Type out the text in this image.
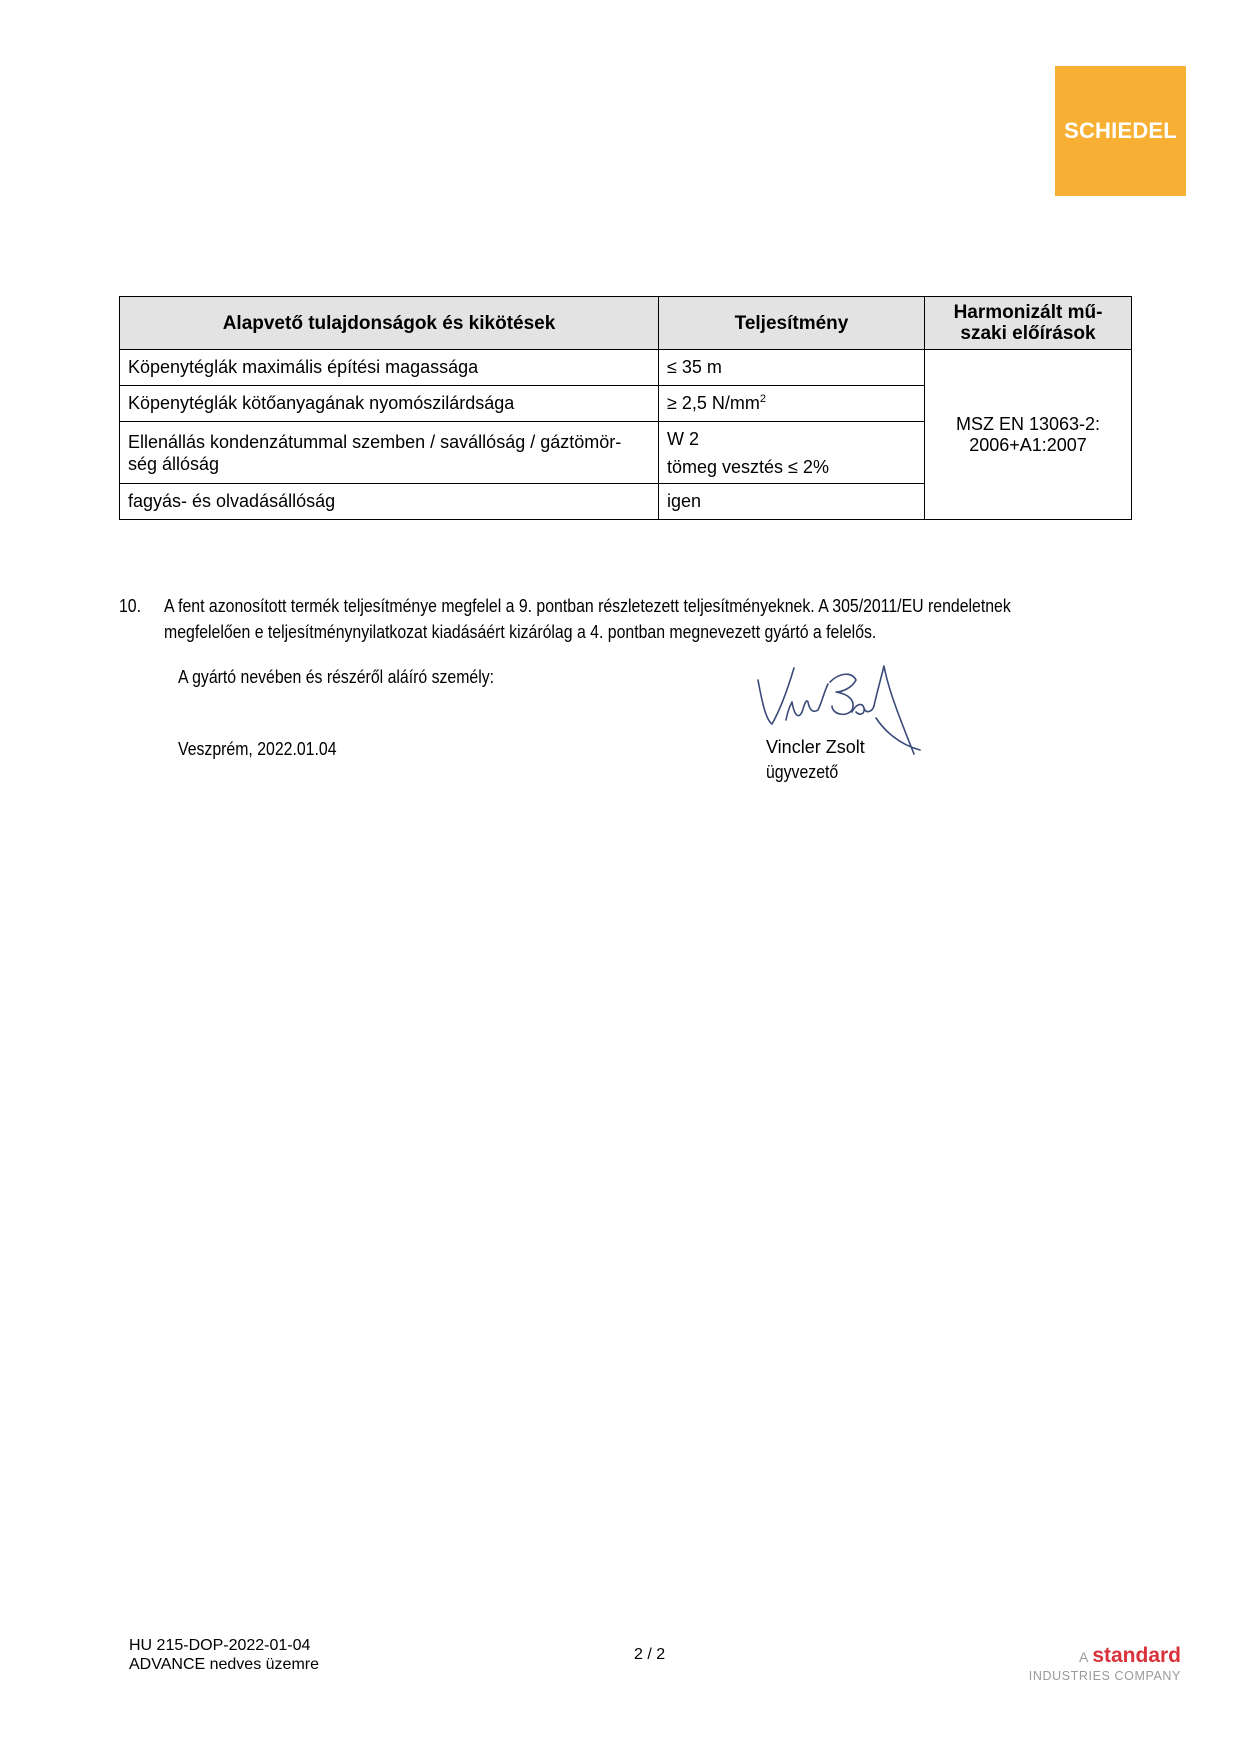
SCHIEDEL
Alapvető tulajdonságok és kikötések	Teljesítmény	Harmonizált mű-
szaki előírások
Köpenytéglák maximális építési magassága	≤ 35 m	MSZ EN 13063-2:
2006+A1:2007
Köpenytéglák kötőanyagának nyomószilárdsága	≥ 2,5 $N/mm^2$
Ellenállás kondenzátummal szemben / savállóság / gáztömör-
ség állóság	W 2
tömeg vesztés ≤ 2%	
fagyás- és olvadásállóság	igen	
10. A fent azonosított termék teljesítménye megfelel a 9. pontban részletezett teljesítményeknek. A 305/2011/EU rendeletnek
megfelelően e teljesítménynyilatkozat kiadásáért kizárólag a 4. pontban megnevezett gyártó a felelős.
A gyártó nevében és részéről aláíró személy:
Veszprém, 2022.01.04	Vincler Zsolt
ügyvezető
HU 215-DOP-2022-01-04
ADVANCE nedves üzemre
2 / 2	A standard
INDUSTRIES COMPANY
